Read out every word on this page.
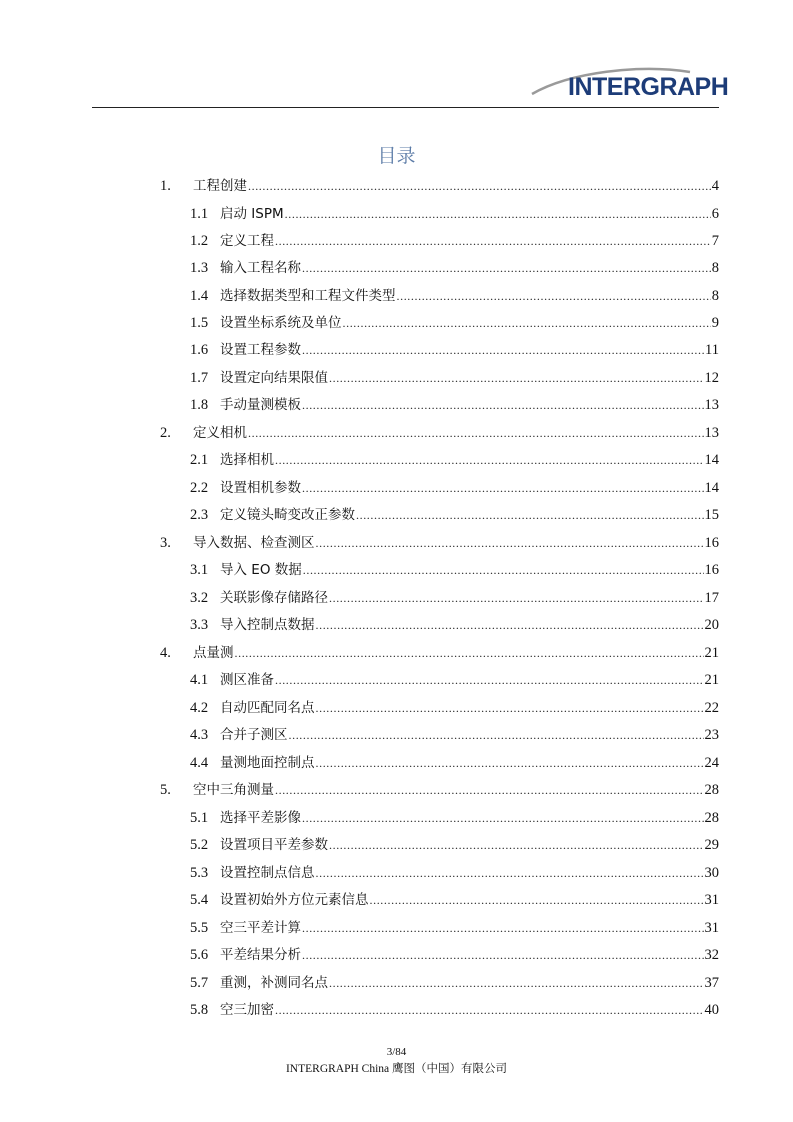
INTERGRAPH
目录
1.	工程创建 .....	4
1.1 启动 ISPM .....	6
1.2 定义工程 .....	7
1.3 输入工程名称 .....	8
1.4 选择数据类型和工程文件类型 .....	8
1.5 设置坐标系统及单位 .....	9
1.6 设置工程参数 .....	11
1.7 设置定向结果限值 .....	12
1.8 手动量测模板 .....	13
2.	定义相机 .....	13
2.1 选择相机 .....	14
2.2 设置相机参数 .....	14
2.3 定义镜头畸变改正参数 .....	15
3.	导入数据、检查测区 .....	16
3.1 导入 EO 数据 .....	16
3.2 关联影像存储路径 .....	17
3.3 导入控制点数据 .....	20
4.	点量测 .....	21
4.1 测区准备 .....	21
4.2 自动匹配同名点 .....	22
4.3 合并子测区 .....	23
4.4 量测地面控制点 .....	24
5.	空中三角测量 .....	28
5.1 选择平差影像 .....	28
5.2 设置项目平差参数 .....	29
5.3 设置控制点信息 .....	30
5.4 设置初始外方位元素信息 .....	31
5.5 空三平差计算 .....	31
5.6 平差结果分析 .....	32
5.7 重测，补测同名点 .....	37
5.8 空三加密 .....	40
3/84
INTERGRAPH China 鹰图（中国）有限公司
